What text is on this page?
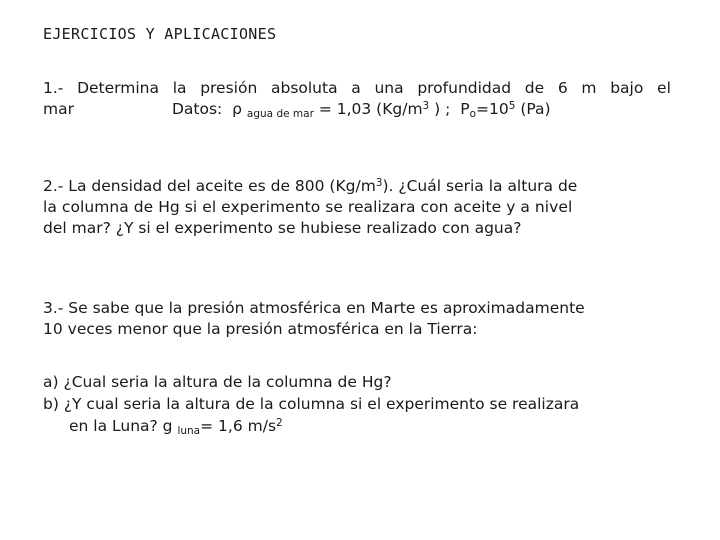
EJERCICIOS Y APLICACIONES
1.- Determina la presión absoluta a una profundidad de 6 m bajo el
mar	Datos:  ρ $_{agua de mar}$ = 1,03 ($Kg/m^3$ ) ;  $P_o=10^5$ (Pa)
2.- La densidad del aceite es de 800 $(Kg/m^3)$. ¿Cuál seria la altura de
la columna de Hg si el experimento se realizara con aceite y a nivel
del mar? ¿Y si el experimento se hubiese realizado con agua?
3.- Se sabe que la presión atmosférica en Marte es aproximadamente
10 veces menor que la presión atmosférica en la Tierra:
a) ¿Cual seria la altura de la columna de Hg?
b) ¿Y cual seria la altura de la columna si el experimento se realizara
en la Luna? g $_{luna}$= 1,6 $m/s^2$
